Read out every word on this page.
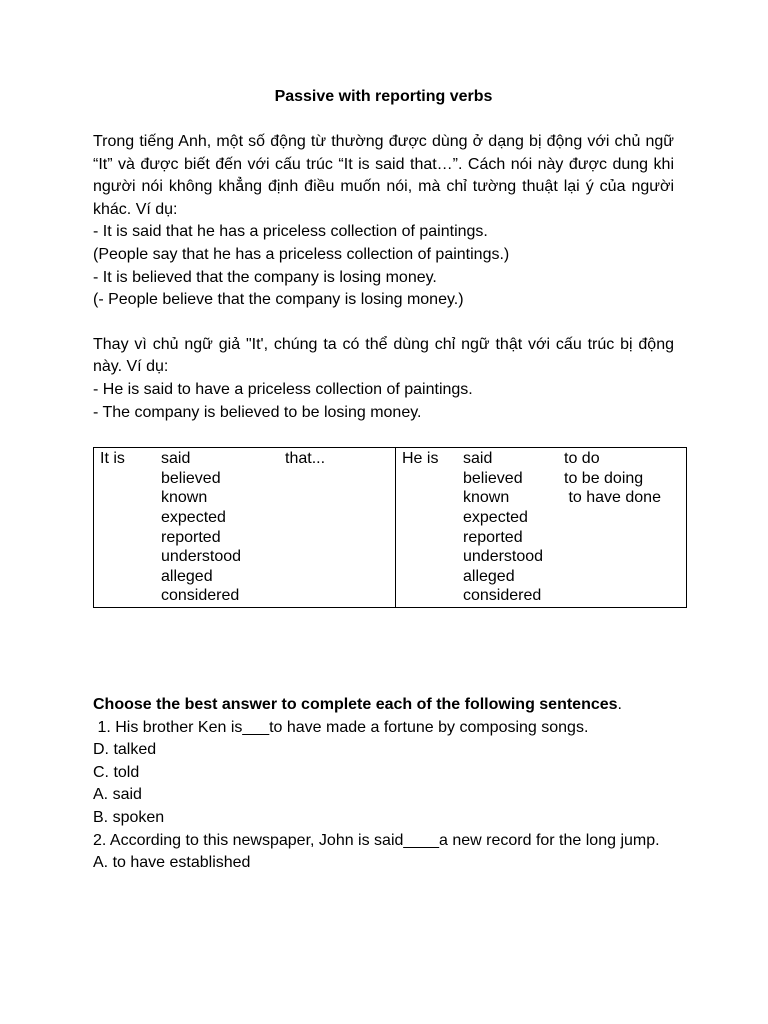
Passive with reporting verbs

Trong tiếng Anh, một số động từ thường được dùng ở dạng bị động với chủ ngữ “It” và được biết đến với cấu trúc “It is said that…”. Cách nói này được dung khi người nói không khẳng định điều muốn nói, mà chỉ tường thuật lại ý của người khác. Ví dụ:

- It is said that he has a priceless collection of paintings.
(People say that he has a priceless collection of paintings.)
- It is believed that the company is losing money.
(- People believe that the company is losing money.)

Thay vì chủ ngữ giả "It', chúng ta có thể dùng chỉ ngữ thật với cấu trúc bị động này. Ví dụ:

- He is said to have a priceless collection of paintings.
- The company is believed to be losing money.
It is	said	that...
believed
known
expected
reported
understood
alleged
considered

He is	said	to do
believed	to be doing
known	to have done
expected
reported
understood
alleged
considered

Choose the best answer to complete each of the following sentences.

1. His brother Ken is___to have made a fortune by composing songs.
D. talked
C. told
A. said
B. spoken

2. According to this newspaper, John is said____a new record for the long jump.

A. to have established
